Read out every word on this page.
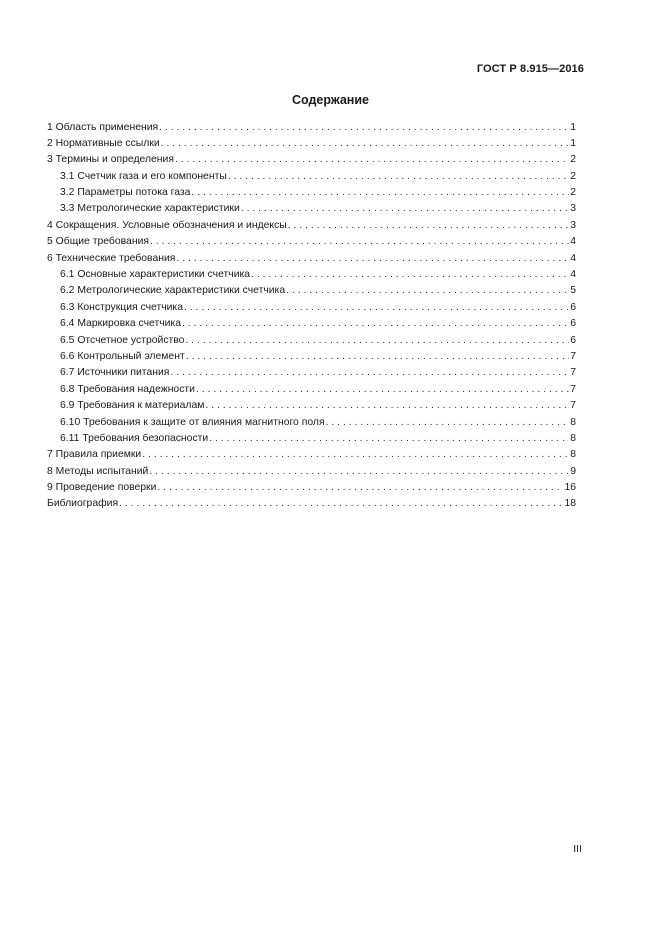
ГОСТ Р 8.915—2016
Содержание
1 Область применения .....	1
2 Нормативные ссылки .....	1
3 Термины и определения .....	2
3.1 Счетчик газа и его компоненты .....	2
3.2 Параметры потока газа .....	2
3.3 Метрологические характеристики .....	3
4 Сокращения. Условные обозначения и индексы .....	3
5 Общие требования .....	4
6 Технические требования .....	4
6.1 Основные характеристики счетчика .....	4
6.2 Метрологические характеристики счетчика .....	5
6.3 Конструкция счетчика .....	6
6.4 Маркировка счетчика .....	6
6.5 Отсчетное устройство .....	6
6.6 Контрольный элемент .....	7
6.7 Источники питания .....	7
6.8 Требования надежности .....	7
6.9 Требования к материалам .....	7
6.10 Требования к защите от влияния магнитного поля .....	8
6.11 Требования безопасности .....	8
7 Правила приемки .....	8
8 Методы испытаний .....	9
9 Проведение поверки .....	16
Библиография .....	18
III
